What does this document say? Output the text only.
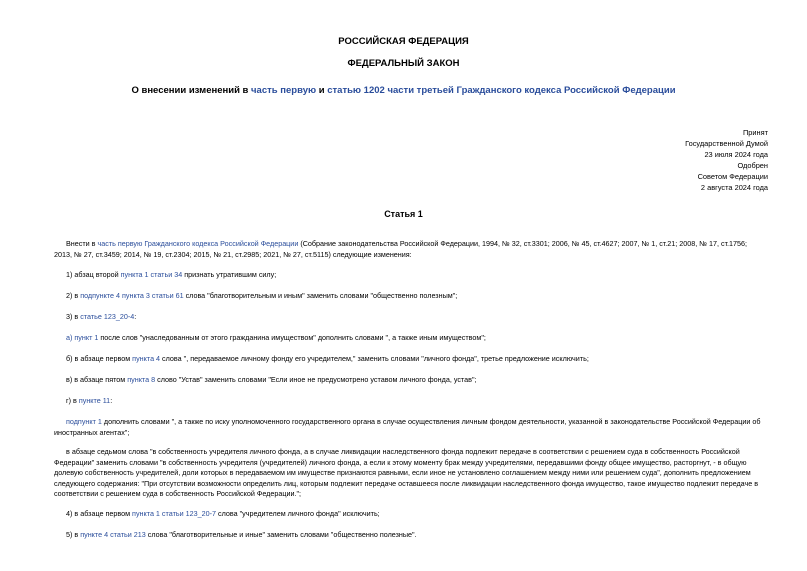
РОССИЙСКАЯ ФЕДЕРАЦИЯ
ФЕДЕРАЛЬНЫЙ ЗАКОН
О внесении изменений в часть первую и статью 1202 части третьей Гражданского кодекса Российской Федерации
Принят
Государственной Думой
23 июля 2024 года
Одобрен
Советом Федерации
2 августа 2024 года
Статья 1
Внести в часть первую Гражданского кодекса Российской Федерации (Собрание законодательства Российской Федерации, 1994, № 32, ст.3301; 2006, № 45, ст.4627; 2007, № 1, ст.21; 2008, № 17, ст.1756; 2013, № 27, ст.3459; 2014, № 19, ст.2304; 2015, № 21, ст.2985; 2021, № 27, ст.5115) следующие изменения:
1) абзац второй пункта 1 статьи 34 признать утратившим силу;
2) в подпункте 4 пункта 3 статьи 61 слова "благотворительным и иным" заменить словами "общественно полезным";
3) в статье 123_20-4:
а) пункт 1 после слов "унаследованным от этого гражданина имуществом" дополнить словами ", а также иным имуществом";
б) в абзаце первом пункта 4 слова ", передаваемое личному фонду его учредителем," заменить словами "личного фонда", третье предложение исключить;
в) в абзаце пятом пункта 8 слово "Устав" заменить словами "Если иное не предусмотрено уставом личного фонда, устав";
г) в пункте 11:
подпункт 1 дополнить словами ", а также по иску уполномоченного государственного органа в случае осуществления личным фондом деятельности, указанной в законодательстве Российской Федерации об иностранных агентах";
в абзаце седьмом слова "в собственность учредителя личного фонда, а в случае ликвидации наследственного фонда подлежит передаче в соответствии с решением суда в собственность Российской Федерации" заменить словами "в собственность учредителя (учредителей) личного фонда, а если к этому моменту брак между учредителями, передавшими фонду общее имущество, расторгнут, - в общую долевую собственность учредителей, доли которых в передаваемом им имуществе признаются равными, если иное не установлено соглашением между ними или решением суда", дополнить предложением следующего содержания: "При отсутствии возможности определить лиц, которым подлежит передаче оставшееся после ликвидации наследственного фонда имущество, такое имущество подлежит передаче в соответствии с решением суда в собственность Российской Федерации.";
4) в абзаце первом пункта 1 статьи 123_20-7 слова "учредителем личного фонда" исключить;
5) в пункте 4 статьи 213 слова "благотворительные и иные" заменить словами "общественно полезные".
